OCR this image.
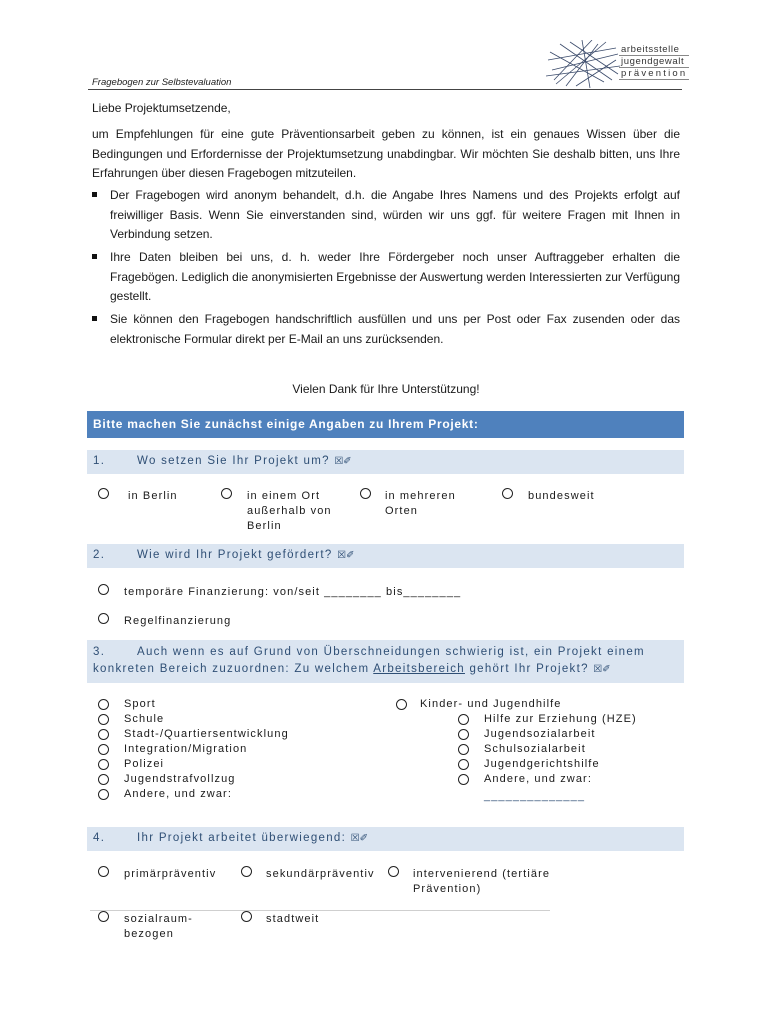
arbeitsstelle
jugendgewalt
prävention
Fragebogen zur Selbstevaluation
Liebe Projektumsetzende,
um Empfehlungen für eine gute Präventionsarbeit geben zu können, ist ein genaues Wissen über die Bedingungen und Erfordernisse der Projektumsetzung unabdingbar. Wir möchten Sie deshalb bitten, uns Ihre Erfahrungen über diesen Fragebogen mitzuteilen.
Der Fragebogen wird anonym behandelt, d.h. die Angabe Ihres Namens und des Projekts erfolgt auf freiwilliger Basis. Wenn Sie einverstanden sind, würden wir uns ggf. für weitere Fragen mit Ihnen in Verbindung setzen.
Ihre Daten bleiben bei uns, d. h. weder Ihre Fördergeber noch unser Auftraggeber erhalten die Fragebögen. Lediglich die anonymisierten Ergebnisse der Auswertung werden Interessierten zur Verfügung gestellt.
Sie können den Fragebogen handschriftlich ausfüllen und uns per Post oder Fax zusenden oder das elektronische Formular direkt per E-Mail an uns zurücksenden.
Vielen Dank für Ihre Unterstützung!
Bitte machen Sie zunächst einige Angaben zu Ihrem Projekt:
1.	Wo setzen Sie Ihr Projekt um? ☒✐
in Berlin	in einem Ort außerhalb von Berlin
in mehreren Orten
bundesweit
2.	Wie wird Ihr Projekt gefördert? ☒✐
temporäre Finanzierung: von/seit ________ bis________
Regelfinanzierung
3.	Auch wenn es auf Grund von Überschneidungen schwierig ist, ein Projekt einem
konkreten Bereich zuzuordnen: Zu welchem Arbeitsbereich gehört Ihr Projekt? ☒✐
Sport
Schule
Stadt-/Quartiersentwicklung
Integration/Migration
Polizei
Jugendstrafvollzug
Andere, und zwar:
Kinder- und Jugendhilfe
Hilfe zur Erziehung (HZE)
Jugendsozialarbeit
Schulsozialarbeit
Jugendgerichtshilfe
Andere, und zwar:
______________
4.	Ihr Projekt arbeitet überwiegend: ☒✐
primärpräventiv	sekundärpräventiv	intervenierend (tertiäre Prävention)
sozialraum-bezogen
stadtweit
